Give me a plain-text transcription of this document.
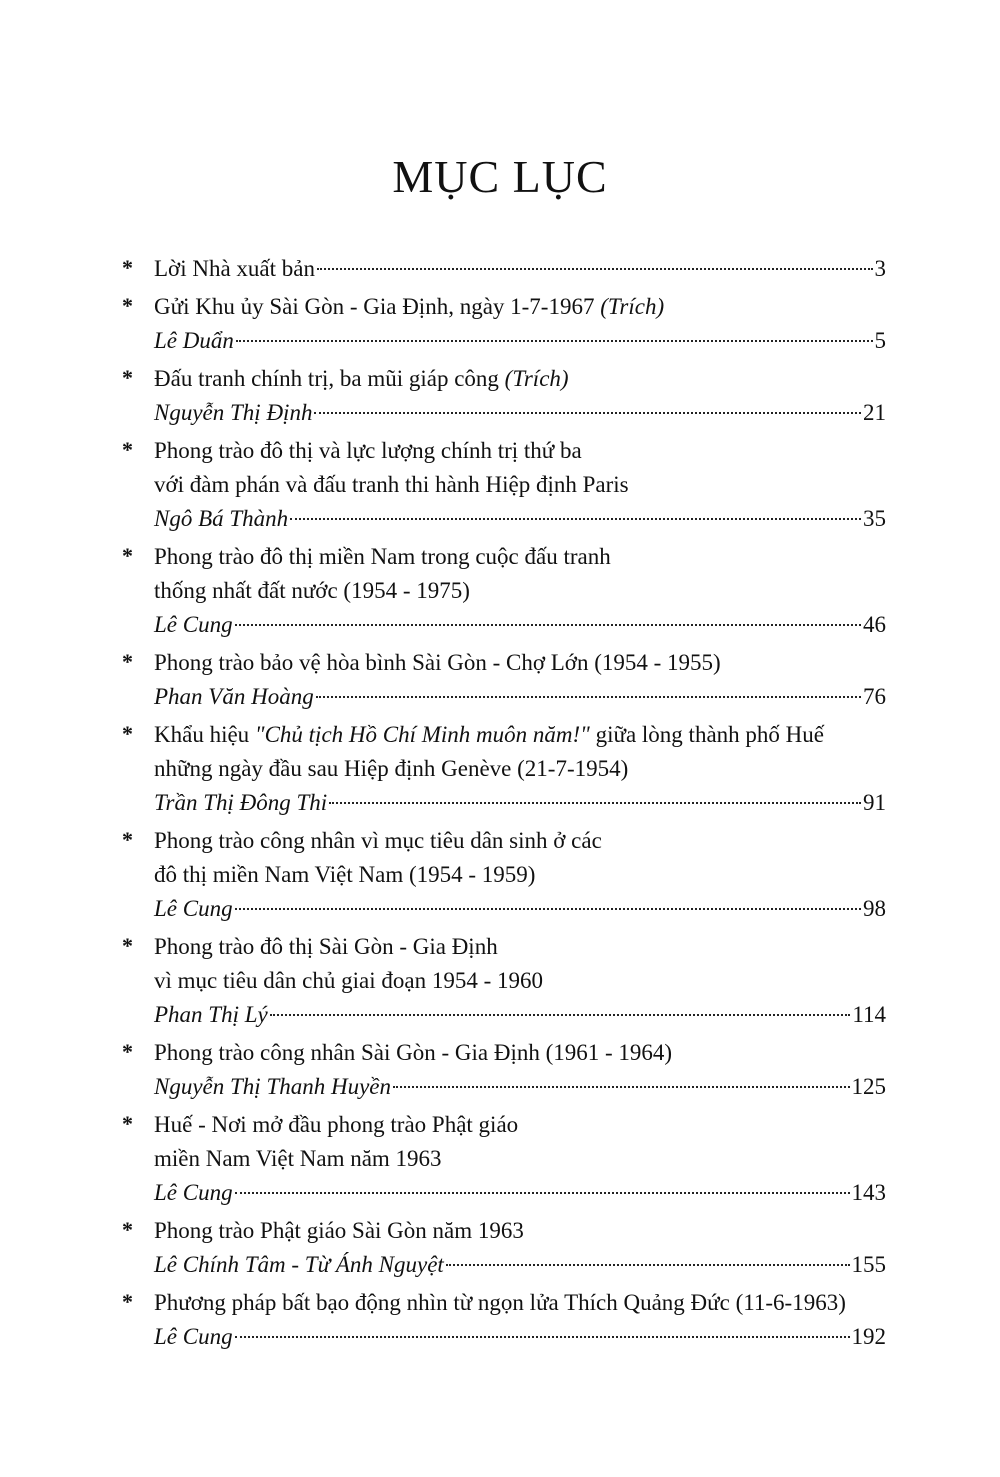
MỤC LỤC
* Lời Nhà xuất bản	3
* Gửi Khu ủy Sài Gòn - Gia Định, ngày 1-7-1967 (Trích)
Lê Duẩn	5
* Đấu tranh chính trị, ba mũi giáp công (Trích)
Nguyễn Thị Định	21
* Phong trào đô thị và lực lượng chính trị thứ ba
với đàm phán và đấu tranh thi hành Hiệp định Paris
Ngô Bá Thành	35
* Phong trào đô thị miền Nam trong cuộc đấu tranh
thống nhất đất nước (1954 - 1975)
Lê Cung	46
* Phong trào bảo vệ hòa bình Sài Gòn - Chợ Lớn (1954 - 1955)
Phan Văn Hoàng	76
* Khẩu hiệu "Chủ tịch Hồ Chí Minh muôn năm!" giữa lòng thành phố Huế
những ngày đầu sau Hiệp định Genève (21-7-1954)
Trần Thị Đông Thi	91
* Phong trào công nhân vì mục tiêu dân sinh ở các
đô thị miền Nam Việt Nam (1954 - 1959)
Lê Cung	98
* Phong trào đô thị Sài Gòn - Gia Định
vì mục tiêu dân chủ giai đoạn 1954 - 1960
Phan Thị Lý	114
* Phong trào công nhân Sài Gòn - Gia Định (1961 - 1964)
Nguyễn Thị Thanh Huyền	125
* Huế - Nơi mở đầu phong trào Phật giáo
miền Nam Việt Nam năm 1963
Lê Cung	143
* Phong trào Phật giáo Sài Gòn năm 1963
Lê Chính Tâm - Từ Ánh Nguyệt	155
* Phương pháp bất bạo động nhìn từ ngọn lửa Thích Quảng Đức (11-6-1963)
Lê Cung	192
